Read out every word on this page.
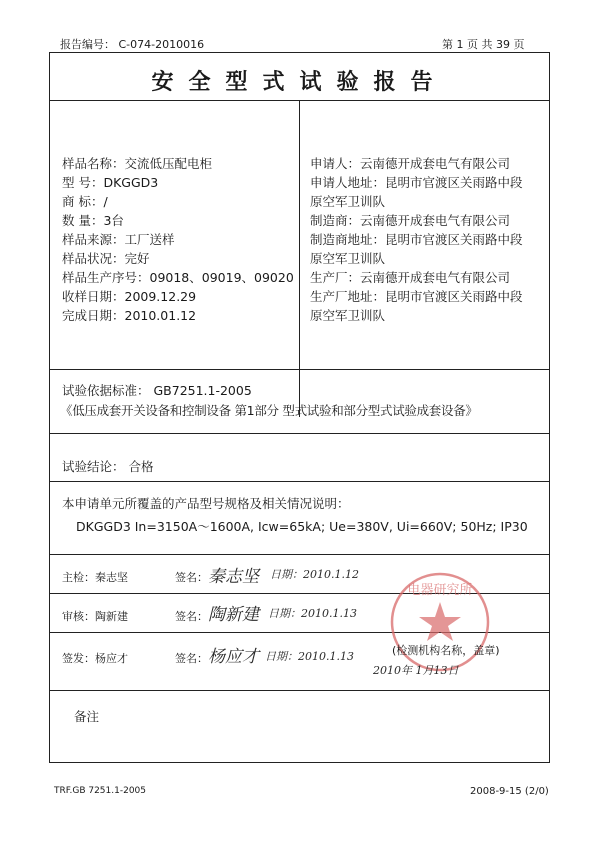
报告编号： C-074-2010016	第 1 页 共 39 页
安全型式试验报告
样品名称：交流低压配电柜
型 号：DKGGD3
商 标：/
数 量：3台
样品来源：工厂送样
样品状况：完好
样品生产序号：09018、09019、09020
收样日期：2009.12.29
完成日期：2010.01.12
申请人：云南德开成套电气有限公司
申请人地址：昆明市官渡区关雨路中段
原空军卫训队
制造商：云南德开成套电气有限公司
制造商地址：昆明市官渡区关雨路中段
原空军卫训队
生产厂：云南德开成套电气有限公司
生产厂地址：昆明市官渡区关雨路中段
原空军卫训队
试验依据标准： GB7251.1-2005
《低压成套开关设备和控制设备 第1部分 型式试验和部分型式试验成套设备》
试验结论： 合格
本申请单元所覆盖的产品型号规格及相关情况说明：
DKGGD3 In=3150A～1600A, Icw=65kA; Ue=380V, Ui=660V; 50Hz; IP30
主检：秦志坚	签名： 秦志坚 日期：2010.1.12
审核：陶新建	签名： 陶新建 日期：2010.1.13
签发：杨应才	签名： 杨应才 日期：2010.1.13
电器研究所
(检测机构名称，盖章)
2010年 1月13日
备注
TRF.GB 7251.1-2005	2008-9-15 (2/0)
